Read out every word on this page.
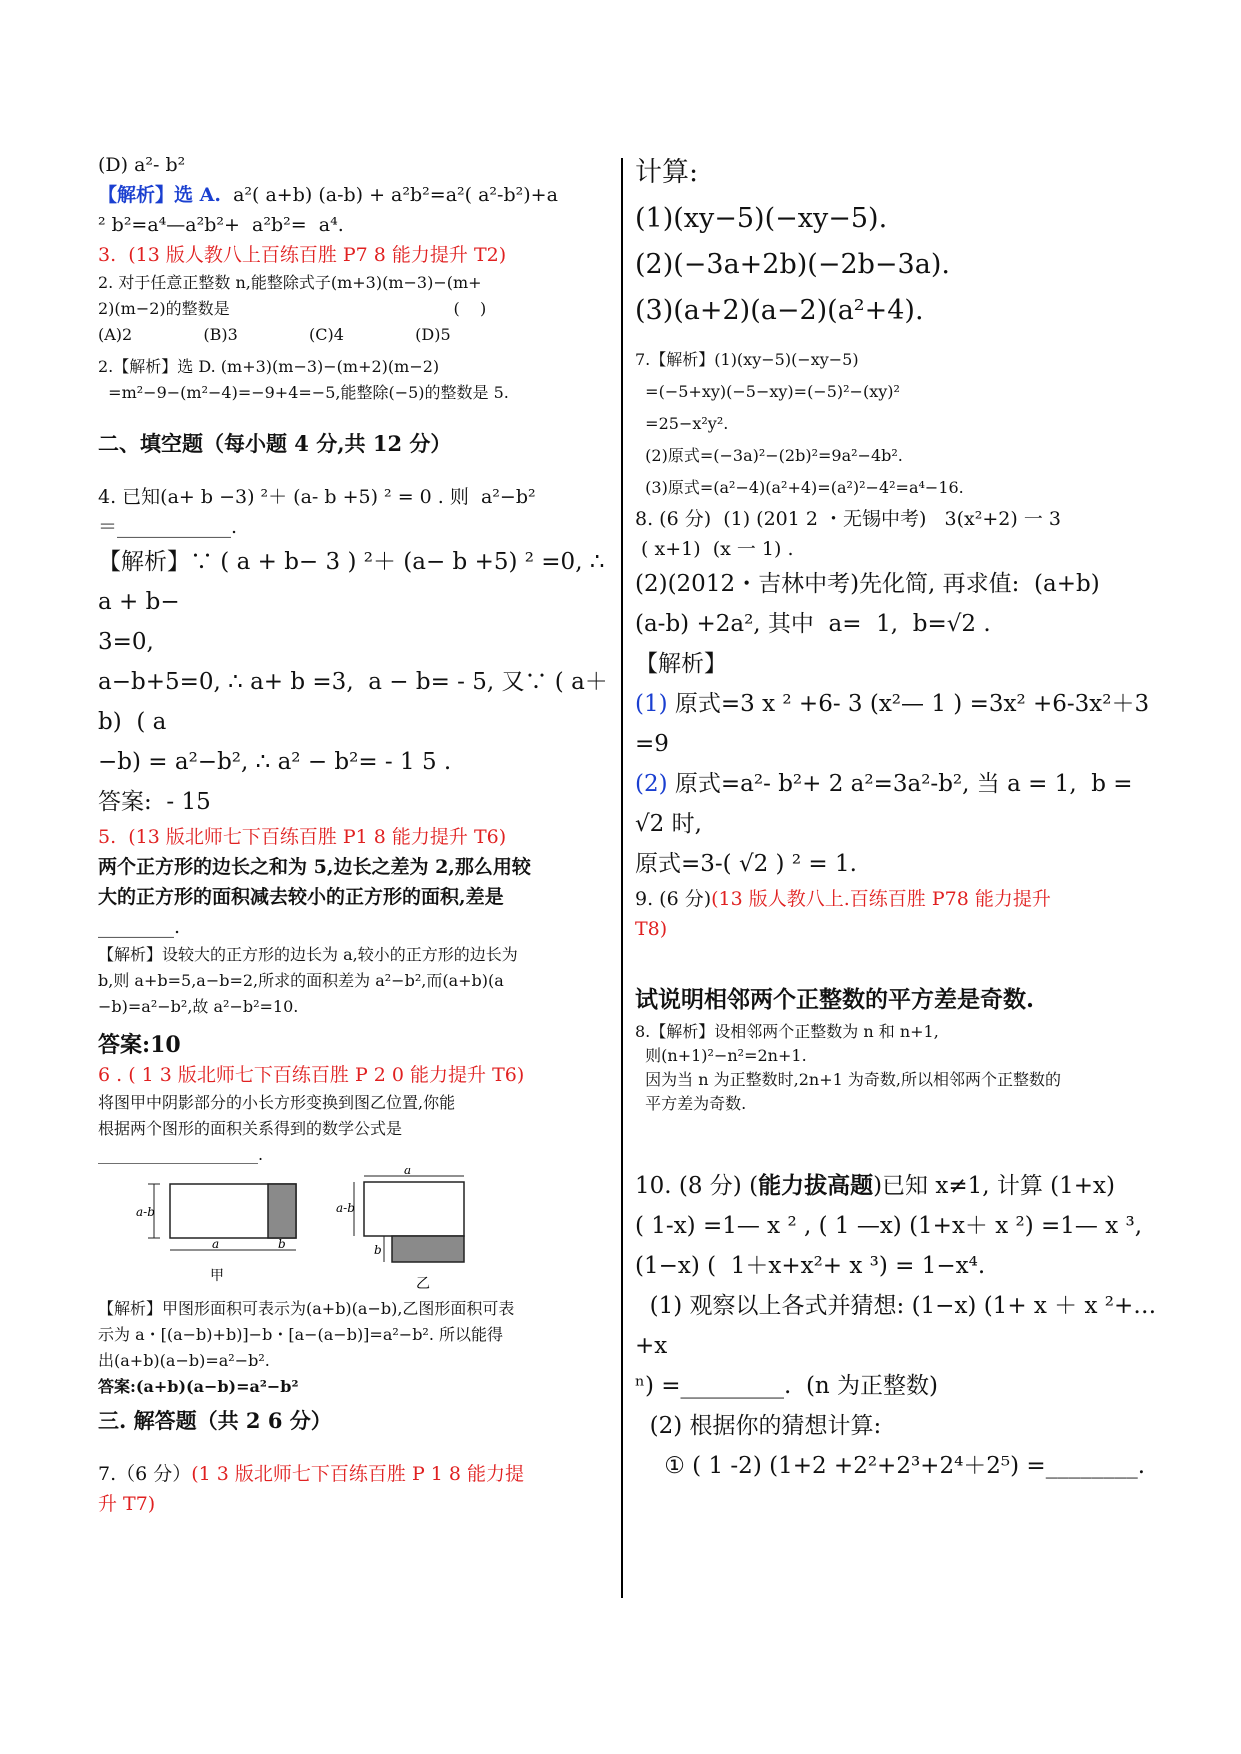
(D) a²- b²

【解析】选 A.  a²( a+b) (a-b) + a²b²=a²( a²-b²)+a

² b²=a⁴—a²b²+  a²b²=  a⁴.

3.  (13 版人教八上百练百胜 P7 8 能力提升 T2)

2. 对于任意正整数 n,能整除式子(m+3)(m−3)−(m+

2)(m−2)的整数是                                            (    )

(A)2              (B)3              (C)4              (D)5

2.【解析】选 D. (m+3)(m−3)−(m+2)(m−2)

=m²−9−(m²−4)=−9+4=−5,能整除(−5)的整数是 5.

二、填空题（每小题 4 分,共 12 分）

4. 已知(a+ b −3) ²＋ (a- b +5) ² = 0 . 则  a²−b²

＝____________.

【解析】∵ ( a + b− 3 ) ²＋ (a− b +5) ² =0, ∴ a + b−

3=0,

a−b+5=0, ∴ a+ b =3,  a − b= - 5, 又∵ ( a＋b)  ( a

−b) = a²−b², ∴ a² − b²= - 1 5 .

答案:  - 15

5.  (13 版北师七下百练百胜 P1 8 能力提升 T6)

两个正方形的边长之和为 5,边长之差为 2,那么用较

大的正方形的面积减去较小的正方形的面积,差是

________.

【解析】设较大的正方形的边长为 a,较小的正方形的边长为

b,则 a+b=5,a−b=2,所求的面积差为 a²−b²,而(a+b)(a

−b)=a²−b²,故 a²−b²=10.

答案:10

6 . ( 1 3 版北师七下百练百胜 P 2 0 能力提升 T6)

将图甲中阴影部分的小长方形变换到图乙位置,你能

根据两个图形的面积关系得到的数学公式是

____________________.

a-b
a	b
甲
a
a-b
b
乙

【解析】甲图形面积可表示为(a+b)(a−b),乙图形面积可表

示为 a・[(a−b)+b)]−b・[a−(a−b)]=a²−b². 所以能得

出(a+b)(a−b)=a²−b².

答案:(a+b)(a−b)=a²−b²

三. 解答题（共 2 6 分）

7.（6 分）(1 3 版北师七下百练百胜 P 1 8 能力提

升 T7)

计算:

(1)(xy−5)(−xy−5).

(2)(−3a+2b)(−2b−3a).

(3)(a+2)(a−2)(a²+4).

7.【解析】(1)(xy−5)(−xy−5)

=(−5+xy)(−5−xy)=(−5)²−(xy)²

=25−x²y².

(2)原式=(−3a)²−(2b)²=9a²−4b².

(3)原式=(a²−4)(a²+4)=(a²)²−4²=a⁴−16.

8. (6 分)  (1) (201 2 ・无锡中考)   3(x²+2) 一 3

( x+1)  (x 一 1) .

(2)(2012・吉林中考)先化简, 再求值:  (a+b)

(a-b) +2a², 其中  a=  1,  b=√2 .

【解析】

(1) 原式=3 x ² +6- 3 (x²— 1 ) =3x² +6-3x²＋3  =9

(2) 原式=a²- b²+ 2 a²=3a²-b², 当 a = 1,  b = √2 时,

原式=3-( √2 ) ² = 1.

9. (6 分)(13 版人教八上.百练百胜 P78 能力提升

T8)

试说明相邻两个正整数的平方差是奇数.

8.【解析】设相邻两个正整数为 n 和 n+1,

则(n+1)²−n²=2n+1.

因为当 n 为正整数时,2n+1 为奇数,所以相邻两个正整数的

平方差为奇数.

10. (8 分) (能力拔高题)已知 x≠1, 计算 (1+x)

( 1-x) =1— x ² , ( 1 —x) (1+x＋ x ²) =1— x ³,

(1−x) (  1＋x+x²+ x ³) = 1−x⁴.

(1) 观察以上各式并猜想: (1−x) (1+ x ＋ x ²+…+x

ⁿ) =_________.  (n 为正整数)

(2) 根据你的猜想计算:

① ( 1 -2) (1+2 +2²+2³+2⁴＋2⁵) =________.
